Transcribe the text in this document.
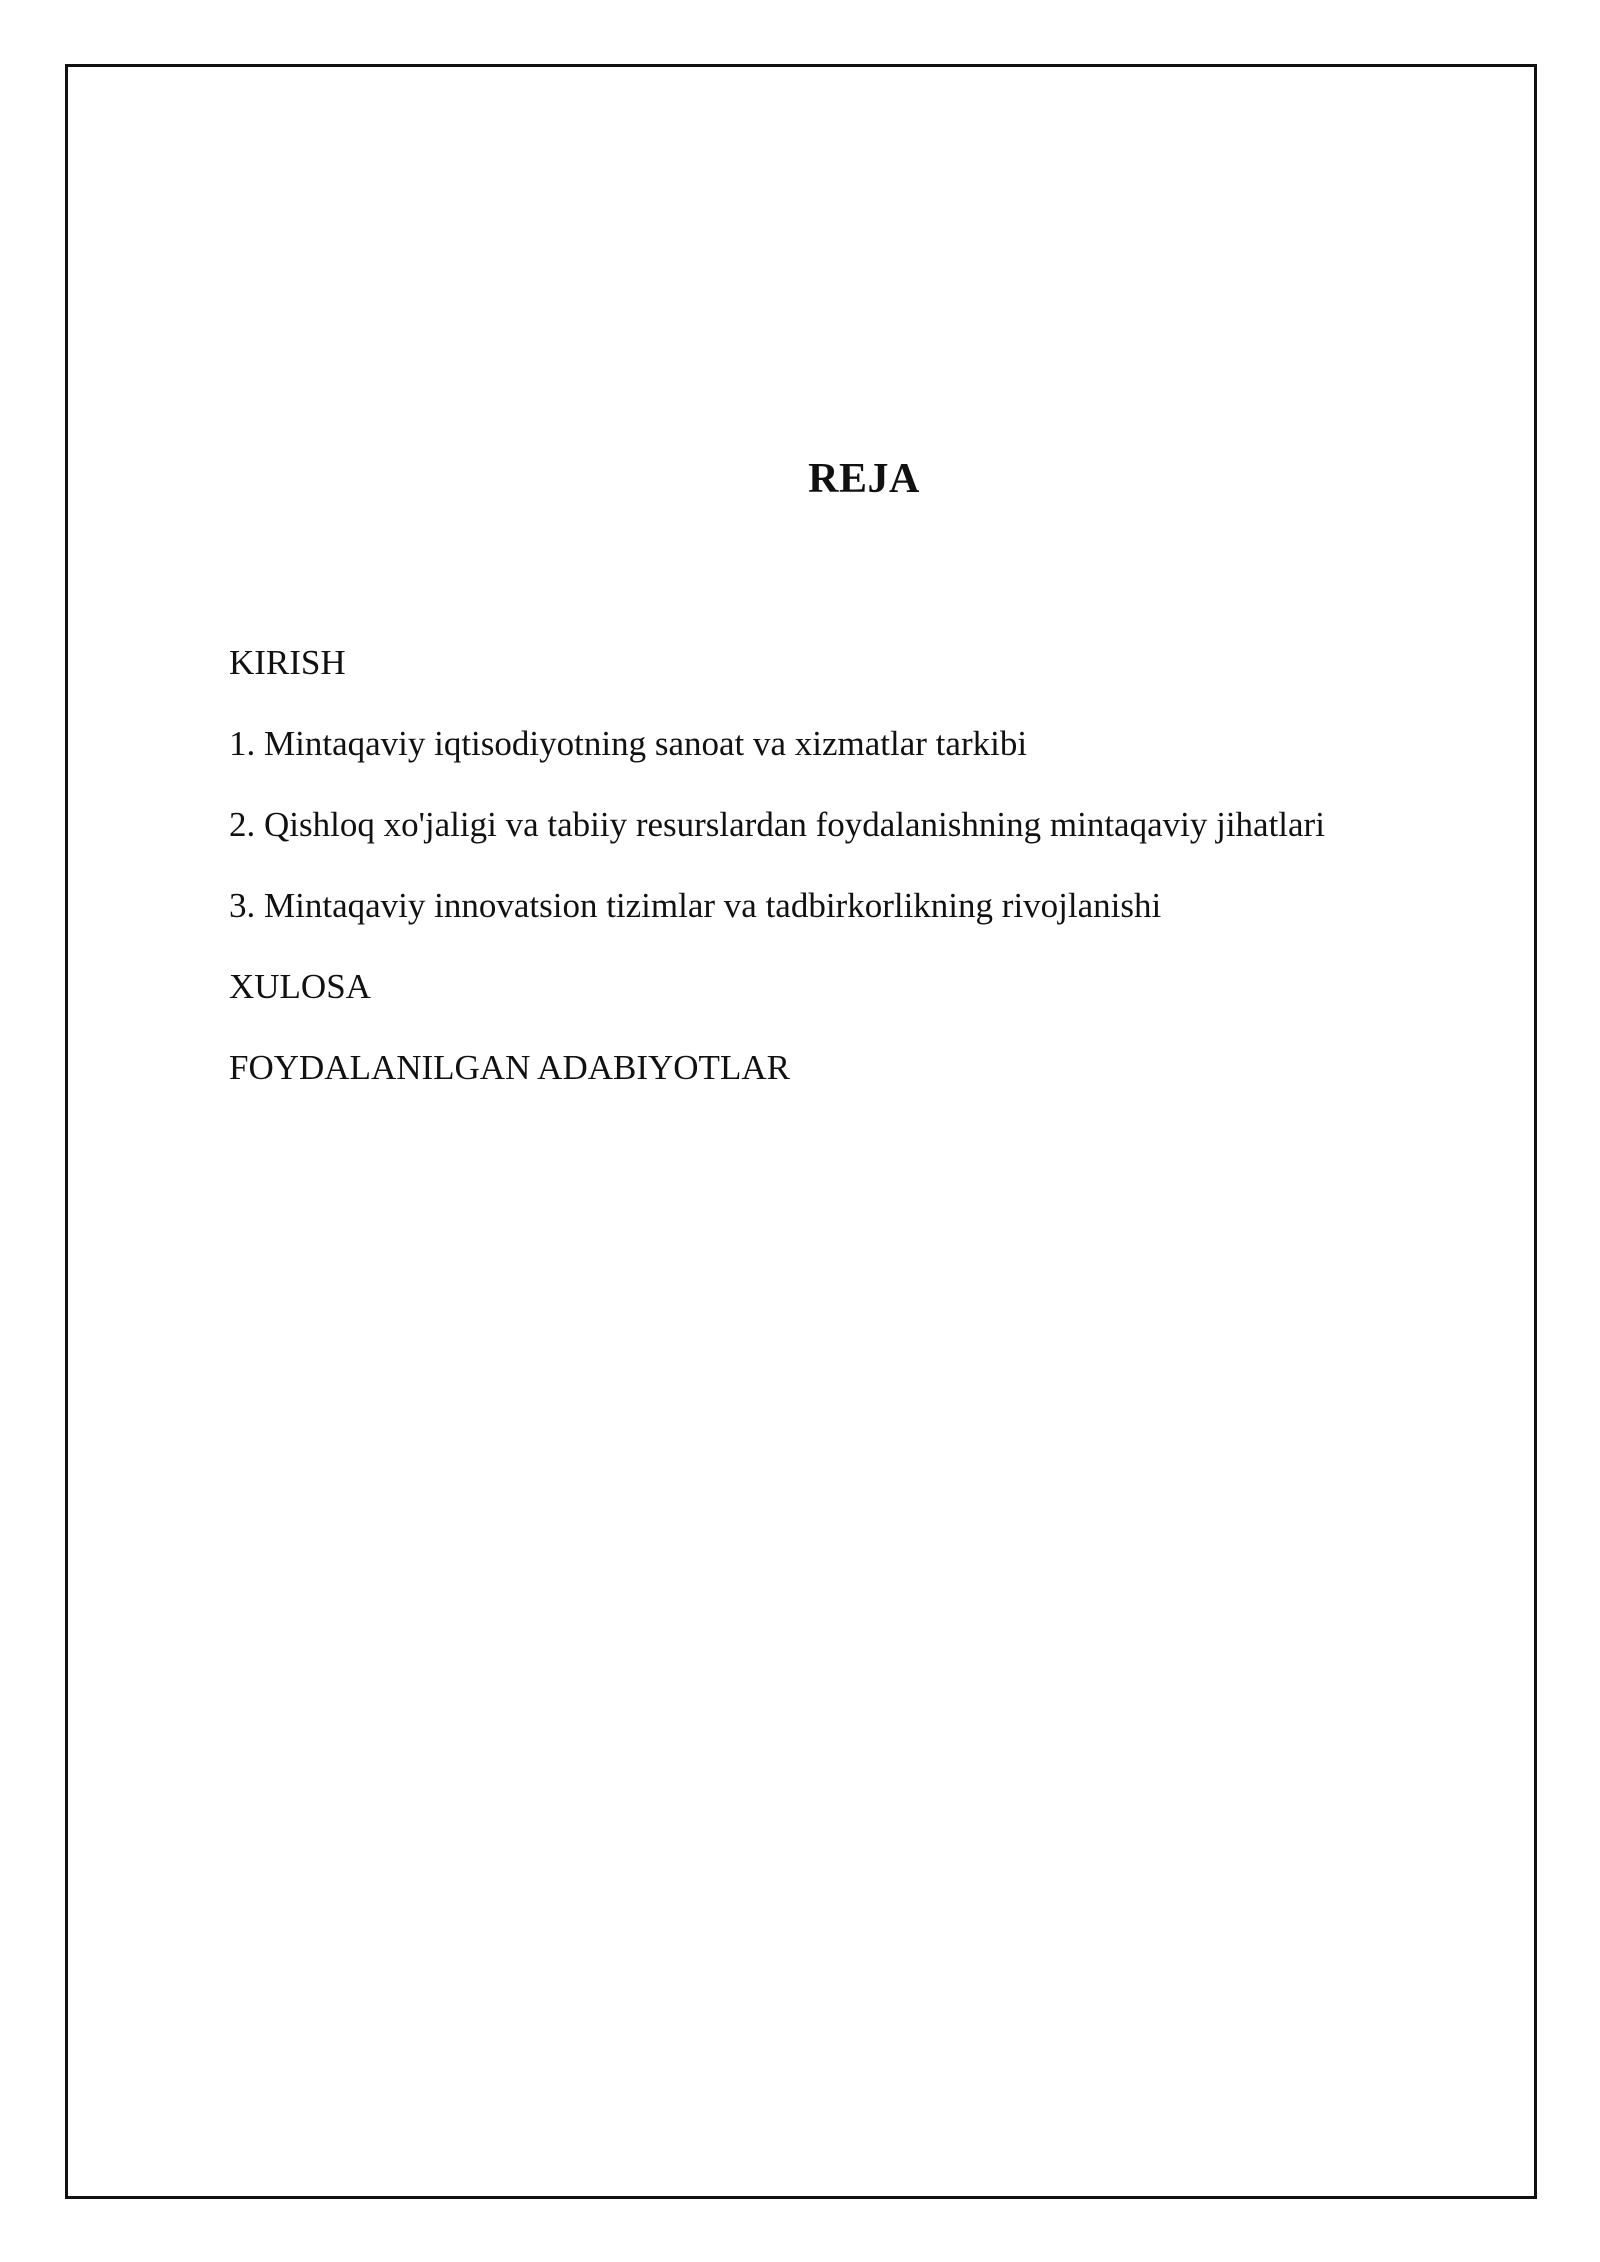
REJA
KIRISH
1. Mintaqaviy iqtisodiyotning sanoat va xizmatlar tarkibi
2. Qishloq xo'jaligi va tabiiy resurslardan foydalanishning mintaqaviy jihatlari
3. Mintaqaviy innovatsion tizimlar va tadbirkorlikning rivojlanishi
XULOSA
FOYDALANILGAN ADABIYOTLAR
